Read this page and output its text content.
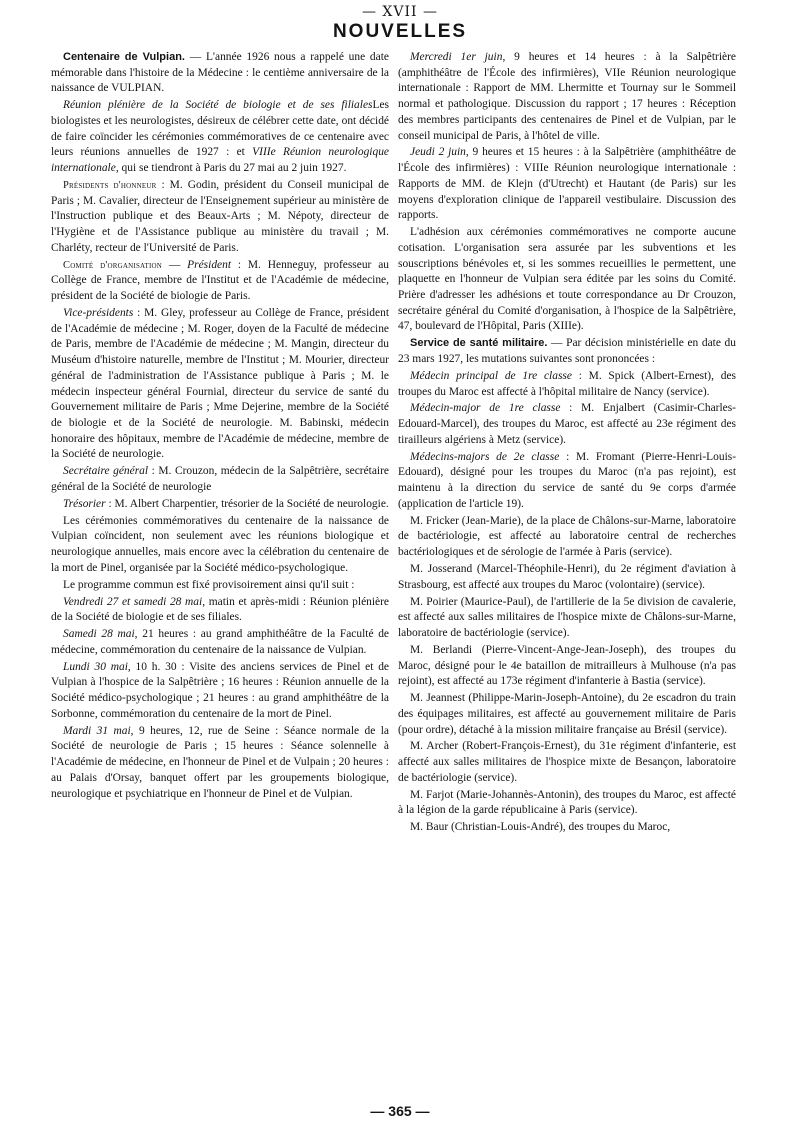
— XVII —
NOUVELLES

Centenaire de Vulpian. — L'année 1926 nous a rappelé une date mémorable dans l'histoire de la Médecine : le centième anniversaire de la naissance de VULPIAN.

Réunion plénière de la Société de biologie et de ses filialesLes biologistes et les neurologistes, désireux de célébrer cette date, ont décidé de faire coïncider les cérémonies commémoratives de ce centenaire avec leurs réunions annuelles de 1927 : et VIIIe Réunion neurologique internationale, qui se tiendront à Paris du 27 mai au 2 juin 1927.

Présidents d'honneur : M. Godin, président du Conseil municipal de Paris ; M. Cavalier, directeur de l'Enseignement supérieur au ministère de l'Instruction publique et des Beaux-Arts ; M. Népoty, directeur de l'Hygiène et de l'Assistance publique au ministère du travail ; M. Charléty, recteur de l'Université de Paris.

Comité d'organisation — Président : M. Henneguy, professeur au Collège de France, membre de l'Institut et de l'Académie de médecine, président de la Société de biologie de Paris.

Vice-présidents : M. Gley, professeur au Collège de France, président de l'Académie de médecine ; M. Roger, doyen de la Faculté de médecine de Paris, membre de l'Académie de médecine ; M. Mangin, directeur du Muséum d'histoire naturelle, membre de l'Institut ; M. Mourier, directeur général de l'administration de l'Assistance publique à Paris ; M. le médecin inspecteur général Fournial, directeur du service de santé du Gouvernement militaire de Paris ; Mme Dejerine, membre de la Société de biologie et de la Société de neurologie. M. Babinski, médecin honoraire des hôpitaux, membre de l'Académie de médecine, membre de la Société de neurologie.

Secrétaire général : M. Crouzon, médecin de la Salpêtrière, secrétaire général de la Société de neurologie

Trésorier : M. Albert Charpentier, trésorier de la Société de neurologie.

Les cérémonies commémoratives du centenaire de la naissance de Vulpian coïncident, non seulement avec les réunions biologique et neurologique annuelles, mais encore avec la célébration du centenaire de la mort de Pinel, organisée par la Société médico-psychologique.

Le programme commun est fixé provisoirement ainsi qu'il suit :

Vendredi 27 et samedi 28 mai, matin et après-midi : Réunion plénière de la Société de biologie et de ses filiales.

Samedi 28 mai, 21 heures : au grand amphithéâtre de la Faculté de médecine, commémoration du centenaire de la naissance de Vulpian.

Lundi 30 mai, 10 h. 30 : Visite des anciens services de Pinel et de Vulpian à l'hospice de la Salpêtrière ; 16 heures : Réunion annuelle de la Société médico-psychologique ; 21 heures : au grand amphithéâtre de la Sorbonne, commémoration du centenaire de la mort de Pinel.

Mardi 31 mai, 9 heures, 12, rue de Seine : Séance normale de la Société de neurologie de Paris ; 15 heures : Séance solennelle à l'Académie de médecine, en l'honneur de Pinel et de Vulpain ; 20 heures : au Palais d'Orsay, banquet offert par les groupements biologique, neurologique et psychiatrique en l'honneur de Pinel et de Vulpian.

Mercredi 1er juin, 9 heures et 14 heures : à la Salpêtrière (amphithéâtre de l'École des infirmières), VIIe Réunion neurologique internationale : Rapport de MM. Lhermitte et Tournay sur le Sommeil normal et pathologique. Discussion du rapport ; 17 heures : Réception des membres participants des centenaires de Pinel et de Vulpian, par le conseil municipal de Paris, à l'hôtel de ville.

Jeudi 2 juin, 9 heures et 15 heures : à la Salpêtrière (amphithéâtre de l'École des infirmières) : VIIIe Réunion neurologique internationale : Rapports de MM. de Klejn (d'Utrecht) et Hautant (de Paris) sur les moyens d'exploration clinique de l'appareil vestibulaire. Discussion des rapports.

L'adhésion aux cérémonies commémoratives ne comporte aucune cotisation. L'organisation sera assurée par les subventions et les souscriptions bénévoles et, si les sommes recueillies le permettent, une plaquette en l'honneur de Vulpian sera éditée par les soins du Comité. Prière d'adresser les adhésions et toute correspondance au Dr Crouzon, secrétaire général du Comité d'organisation, à l'hospice de la Salpêtrière, 47, boulevard de l'Hôpital, Paris (XIIIe).

Service de santé militaire. — Par décision ministérielle en date du 23 mars 1927, les mutations suivantes sont prononcées :

Médecin principal de 1re classe : M. Spick (Albert-Ernest), des troupes du Maroc est affecté à l'hôpital militaire de Nancy (service).

Médecin-major de 1re classe : M. Enjalbert (Casimir-Charles-Edouard-Marcel), des troupes du Maroc, est affecté au 23e régiment des tirailleurs algériens à Metz (service).

Médecins-majors de 2e classe : M. Fromant (Pierre-Henri-Louis-Edouard), désigné pour les troupes du Maroc (n'a pas rejoint), est maintenu à la direction du service de santé du 9e corps d'armée (application de l'article 19).

M. Fricker (Jean-Marie), de la place de Châlons-sur-Marne, laboratoire de bactériologie, est affecté au laboratoire central de recherches bactériologiques et de sérologie de l'armée à Paris (service).

M. Josserand (Marcel-Théophile-Henri), du 2e régiment d'aviation à Strasbourg, est affecté aux troupes du Maroc (volontaire) (service).

M. Poirier (Maurice-Paul), de l'artillerie de la 5e division de cavalerie, est affecté aux salles militaires de l'hospice mixte de Châlons-sur-Marne, laboratoire de bactériologie (service).

M. Berlandi (Pierre-Vincent-Ange-Jean-Joseph), des troupes du Maroc, désigné pour le 4e bataillon de mitrailleurs à Mulhouse (n'a pas rejoint), est affecté au 173e régiment d'infanterie à Bastia (service).

M. Jeannest (Philippe-Marin-Joseph-Antoine), du 2e escadron du train des équipages militaires, est affecté au gouvernement militaire de Paris (pour ordre), détaché à la mission militaire française au Brésil (service).

M. Archer (Robert-François-Ernest), du 31e régiment d'infanterie, est affecté aux salles militaires de l'hospice mixte de Besançon, laboratoire de bactériologie (service).

M. Farjot (Marie-Johannès-Antonin), des troupes du Maroc, est affecté à la légion de la garde républicaine à Paris (service).

M. Baur (Christian-Louis-André), des troupes du Maroc,

— 365 —
